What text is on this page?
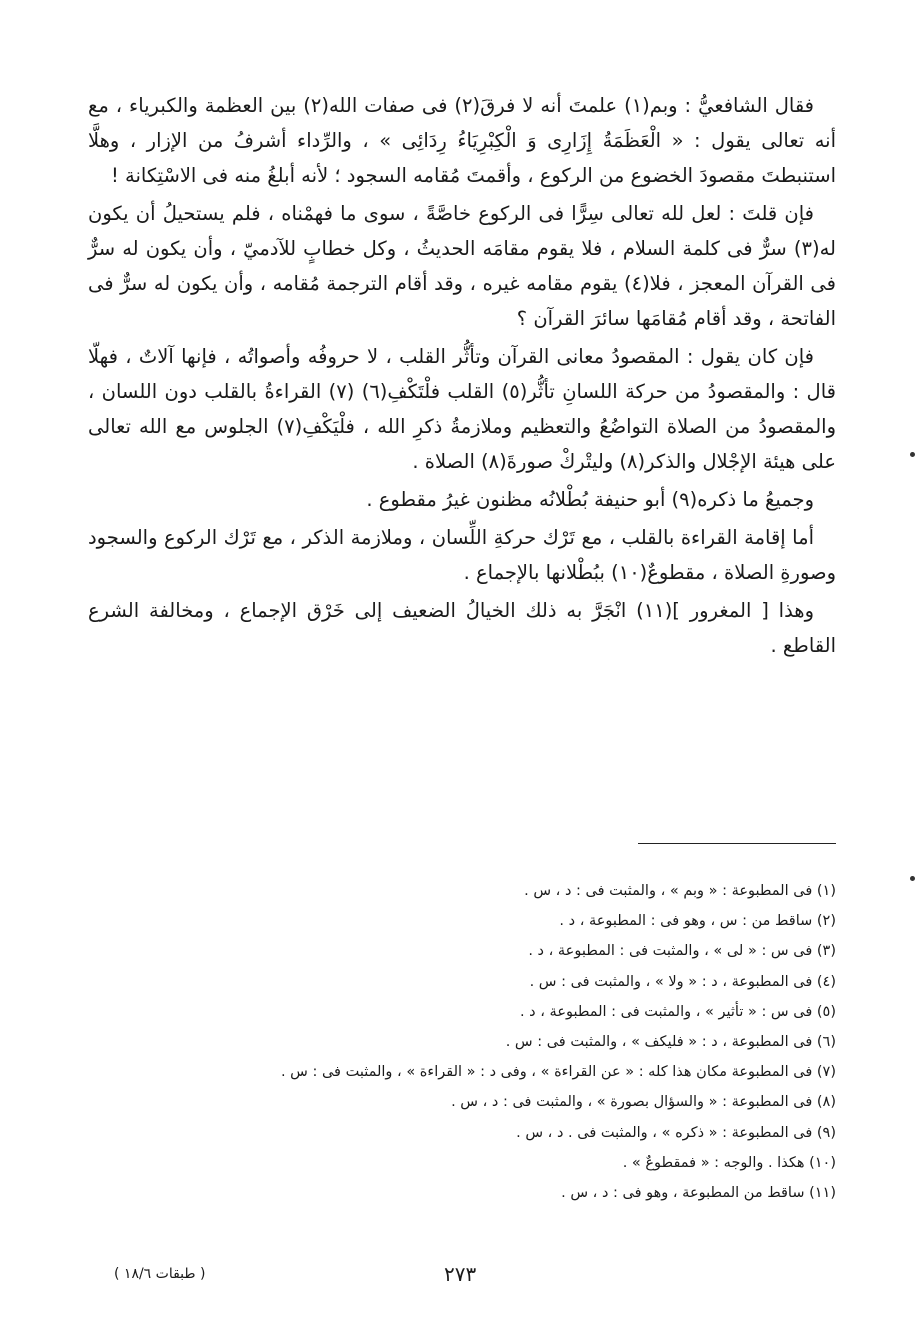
فقال الشافعيُّ : وبم(١) علمتَ أنه لا فرقَ(٢) فى صفات الله(٢) بين العظمة والكبرياء ، مع أنه تعالى يقول : « الْعَظَمَةُ إِزَارِى وَ الْكِبْرِيَاءُ رِدَائِى » ، والرِّداء أشرفُ من الإزار ، وهلَّا استنبطتَ مقصودَ الخضوع من الركوع ، وأقمتَ مُقامه السجود ؛ لأنه أبلغُ منه فى الاسْتِكانة !

فإن قلتَ : لعل لله تعالى سِرًّا فى الركوع خاصَّةً ، سوى ما فهمْناه ، فلم يستحيلُ أن يكون له(٣) سرٌّ فى كلمة السلام ، فلا يقوم مقامَه الحديثُ ، وكل خطابٍ للآدميّ ، وأن يكون له سرٌّ فى القرآن المعجز ، فلا(٤) يقوم مقامه غيره ، وقد أقام الترجمة مُقامه ، وأن يكون له سرٌّ فى الفاتحة ، وقد أقام مُقامَها سائرَ القرآن ؟

فإن كان يقول : المقصودُ معانى القرآن وتأثُّر القلب ، لا حروفُه وأصواتُه ، فإنها آلاتٌ ، فهلّا قال : والمقصودُ من حركة اللسانِ تأثُّر(٥) القلب فلْتَكْفِ(٦) (٧) القراءةُ بالقلب دون اللسان ، والمقصودُ من الصلاة التواضُعُ والتعظيم وملازمةُ ذكرِ الله ، فلْيَكْفِ(٧) الجلوس مع الله تعالى على هيئة الإجْلال والذكر(٨) وليتْركْ صورةَ(٨) الصلاة .

وجميعُ ما ذكره(٩) أبو حنيفة بُطْلانُه مظنون غيرُ مقطوع .

أما إقامة القراءة بالقلب ، مع تَرْك حركةِ اللِّسان ، وملازمة الذكر ، مع تَرْك الركوع والسجود وصورةِ الصلاة ، مقطوعٌ(١٠) ببُطْلانها بالإجماع .

وهذا [ المغرور ](١١) انْجَرَّ به ذلك الخيالُ الضعيف إلى خَرْق الإجماع ، ومخالفة الشرع القاطع .

(١) فى المطبوعة : « وبم » ، والمثبت فى : د ، س .
(٢) ساقط من : س ، وهو فى : المطبوعة ، د .
(٣) فى س : « لى » ، والمثبت فى : المطبوعة ، د .
(٤) فى المطبوعة ، د : « ولا » ، والمثبت فى : س .
(٥) فى س : « تأثير » ، والمثبت فى : المطبوعة ، د .
(٦) فى المطبوعة ، د : « فليكف » ، والمثبت فى : س .
(٧) فى المطبوعة مكان هذا كله : « عن القراءة » ، وفى د : « القراءة » ، والمثبت فى : س .
(٨) فى المطبوعة : « والسؤال بصورة » ، والمثبت فى : د ، س .
(٩) فى المطبوعة : « ذكره » ، والمثبت فى . د ، س .
(١٠) هكذا . والوجه : « فمقطوعٌ » .
(١١) ساقط من المطبوعة ، وهو فى : د ، س .
٢٧٣
( طبقات ١٨/٦ )
